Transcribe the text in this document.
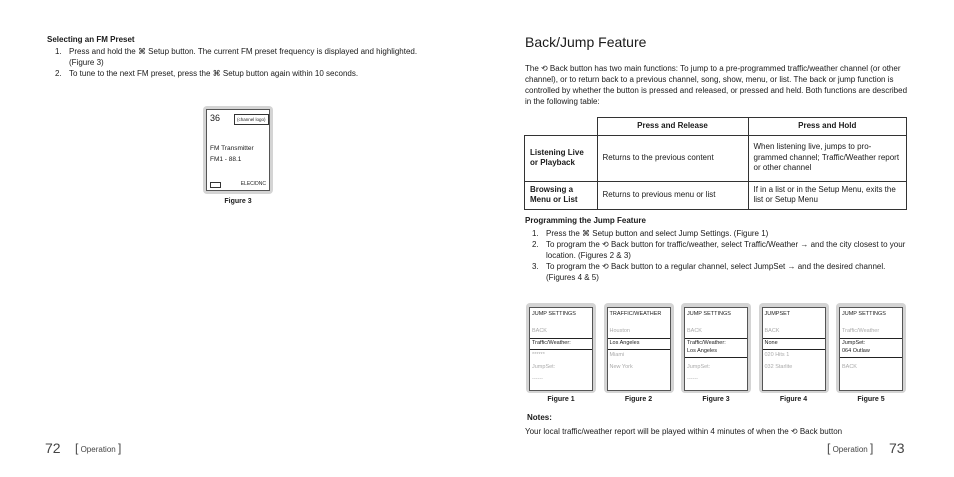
Selecting an FM Preset
1. Press and hold the ⌘ Setup button. The current FM preset frequency is displayed and highlighted. (Figure 3)
2. To tune to the next FM preset, press the ⌘ Setup button again within 10 seconds.
36	(channel logo)
FM Transmitter
FM1 - 88.1
ELEC/DNC
Figure 3
72 [ Operation ]
Back/Jump Feature
The ⟲ Back button has two main functions: To jump to a pre-programmed traffic/weather channel (or other channel), or to return back to a previous channel, song, show, menu, or list. The back or jump function is controlled by whether the button is pressed and released, or pressed and held. Both functions are described in the following table:
	Press and Release	Press and Hold
Listening Live or Playback	Returns to the previous content	When listening live, jumps to pro-grammed channel; Traffic/Weather report or other channel
Browsing a Menu or List	Returns to previous menu or list	If in a list or in the Setup Menu, exits the list or Setup Menu
Programming the Jump Feature
1. Press the ⌘ Setup button and select Jump Settings. (Figure 1)
2. To program the ⟲ Back button for traffic/weather, select Traffic/Weather → and the city closest to your location. (Figures 2 & 3)
3. To program the ⟲ Back button to a regular channel, select JumpSet → and the desired channel. (Figures 4 & 5)
JUMP SETTINGS
BACK
Traffic/Weather:
******
JumpSet:
------
Figure 1
TRAFFIC/WEATHER
Houston
Los Angeles
Miami
New York
Figure 2
JUMP SETTINGS
BACK
Traffic/Weather:
Los Angeles
JumpSet:
------
Figure 3
JUMPSET
BACK
None
020 Hits 1
032 Starlite
Figure 4
JUMP SETTINGS
Traffic/Weather
JumpSet:
064 Outlaw
BACK
Figure 5
Notes:
Your local traffic/weather report will be played within 4 minutes of when the ⟲ Back button
[ Operation ] 73
